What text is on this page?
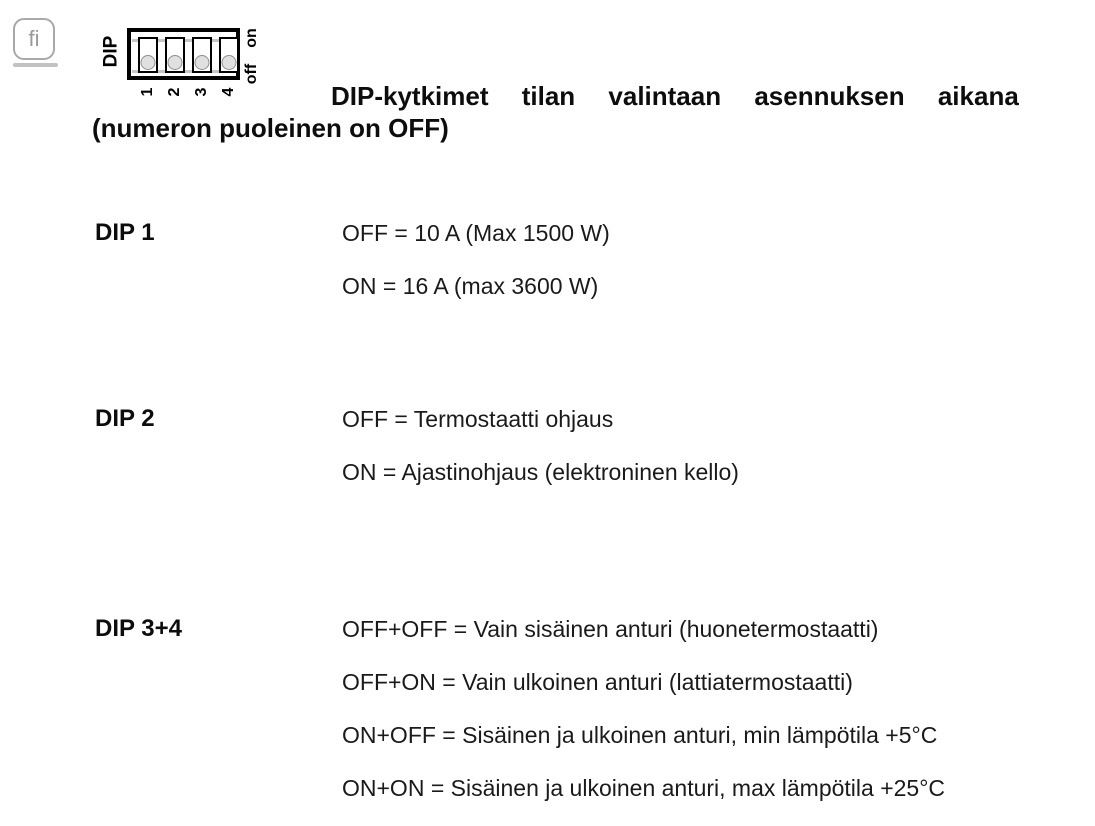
fi	DIP	on
off
1 2 3 4	DIP-kytkimet tilan valintaan asennuksen aikana
(numeron puoleinen on OFF)
DIP 1	OFF = 10 A (Max 1500 W)
ON = 16 A (max 3600 W)
DIP 2	OFF = Termostaatti ohjaus
ON = Ajastinohjaus (elektroninen kello)
DIP 3+4	OFF+OFF = Vain sisäinen anturi (huonetermostaatti)
OFF+ON = Vain ulkoinen anturi (lattiatermostaatti)
ON+OFF = Sisäinen ja ulkoinen anturi, min lämpötila +5°C
ON+ON = Sisäinen ja ulkoinen anturi, max lämpötila +25°C
